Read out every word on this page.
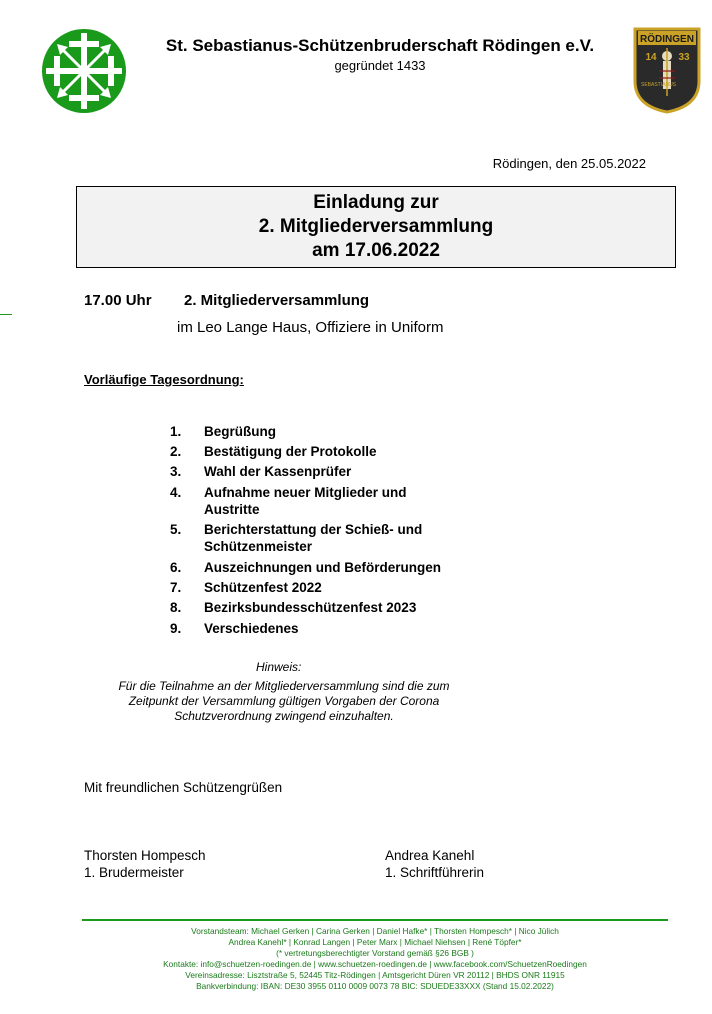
RÖDINGEN
14 33
SEBASTIANUS
St. Sebastianus-Schützenbruderschaft Rödingen e.V.
gegründet 1433
Rödingen, den 25.05.2022
Einladung zur
2. Mitgliederversammlung
am 17.06.2022
17.00 Uhr 2. Mitgliederversammlung
im Leo Lange Haus, Offiziere in Uniform
Vorläufige Tagesordnung:
1.	Begrüßung
2.	Bestätigung der Protokolle
3.	Wahl der Kassenprüfer
4.	Aufnahme neuer Mitglieder und
Austritte
5.	Berichterstattung der Schieß- und
Schützenmeister
6.	Auszeichnungen und Beförderungen
7.	Schützenfest 2022
8.	Bezirksbundesschützenfest 2023
9.	Verschiedenes
Hinweis:
Für die Teilnahme an der Mitgliederversammlung sind die zum
Zeitpunkt der Versammlung gültigen Vorgaben der Corona
Schutzverordnung zwingend einzuhalten.
Mit freundlichen Schützengrüßen
Thorsten Hompesch
1. Brudermeister
Andrea Kanehl
1. Schriftführerin
Vorstandsteam: Michael Gerken | Carina Gerken | Daniel Hafke* | Thorsten Hompesch* | Nico Jülich
Andrea Kanehl* | Konrad Langen | Peter Marx | Michael Niehsen | René Töpfer*
(* vertretungsberechtigter Vorstand gemäß §26 BGB )
Kontakte: info@schuetzen-roedingen.de | www.schuetzen-roedingen.de | www.facebook.com/SchuetzenRoedingen
Vereinsadresse: Lisztstraße 5, 52445 Titz-Rödingen | Amtsgericht Düren VR 20112 | BHDS ONR 11915
Bankverbindung: IBAN: DE30 3955 0110 0009 0073 78 BIC: SDUEDE33XXX (Stand 15.02.2022)
